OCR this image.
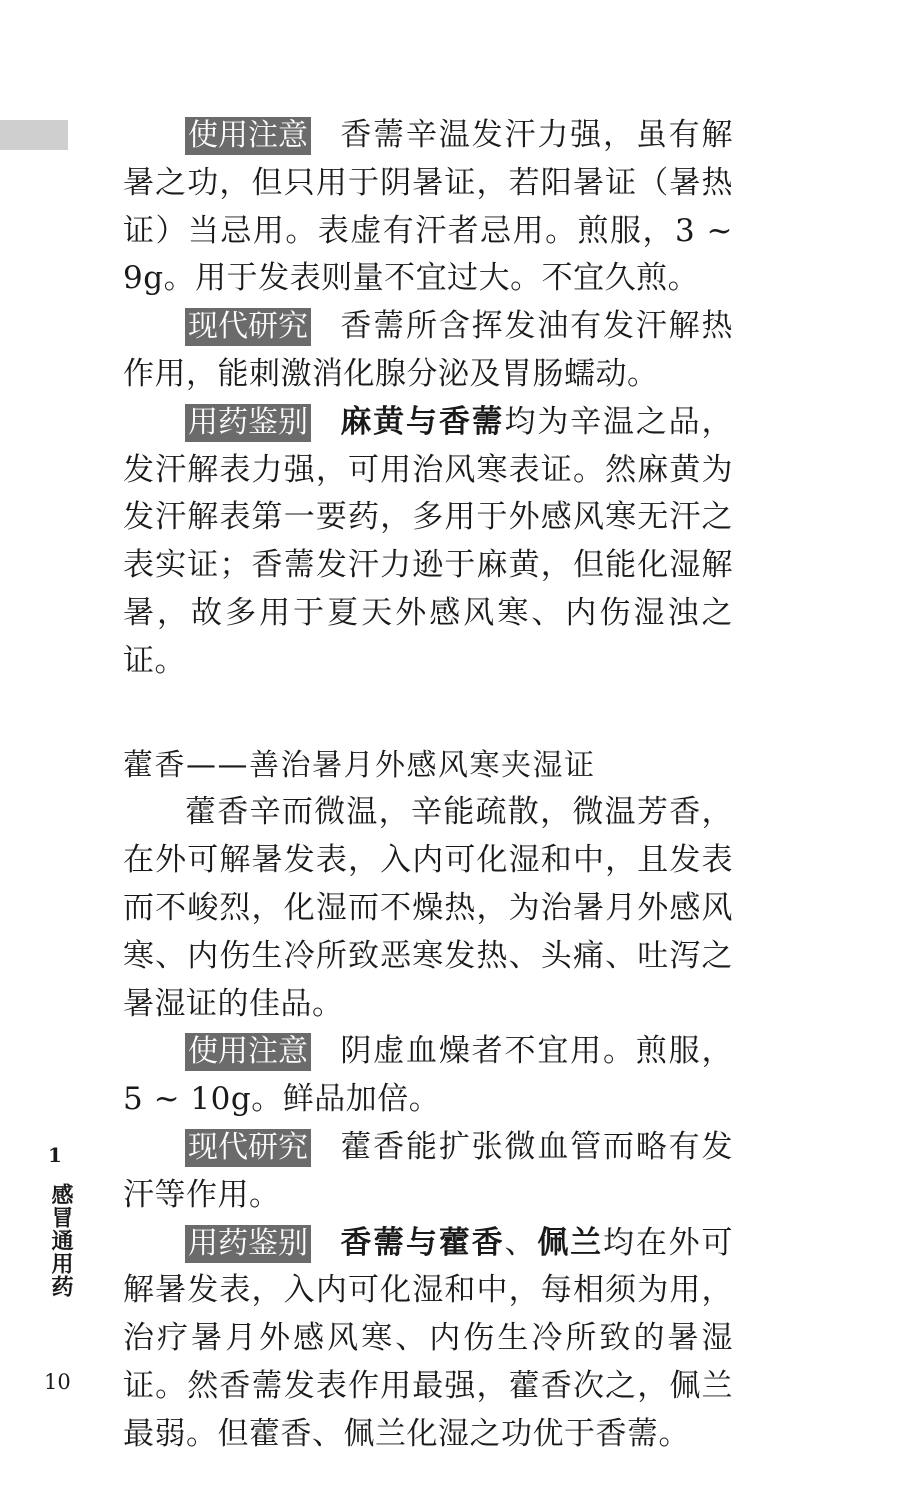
使用注意 香薷辛温发汗力强，虽有解暑之功，但只用于阴暑证，若阳暑证（暑热证）当忌用。表虚有汗者忌用。煎服，3 ~ 9g。用于发表则量不宜过大。不宜久煎。

现代研究 香薷所含挥发油有发汗解热作用，能刺激消化腺分泌及胃肠蠕动。

用药鉴别 麻黄与香薷均为辛温之品，发汗解表力强，可用治风寒表证。然麻黄为发汗解表第一要药，多用于外感风寒无汗之表实证；香薷发汗力逊于麻黄，但能化湿解暑，故多用于夏天外感风寒、内伤湿浊之证。

藿香——善治暑月外感风寒夹湿证

藿香辛而微温，辛能疏散，微温芳香，在外可解暑发表，入内可化湿和中，且发表而不峻烈，化湿而不燥热，为治暑月外感风寒、内伤生冷所致恶寒发热、头痛、吐泻之暑湿证的佳品。

使用注意 阴虚血燥者不宜用。煎服，5 ~ 10g。鲜品加倍。

现代研究 藿香能扩张微血管而略有发汗等作用。

用药鉴别 香薷与藿香、佩兰均在外可解暑发表，入内可化湿和中，每相须为用，治疗暑月外感风寒、内伤生冷所致的暑湿证。然香薷发表作用最强，藿香次之，佩兰最弱。但藿香、佩兰化湿之功优于香薷。

1
感冒通用药
10
